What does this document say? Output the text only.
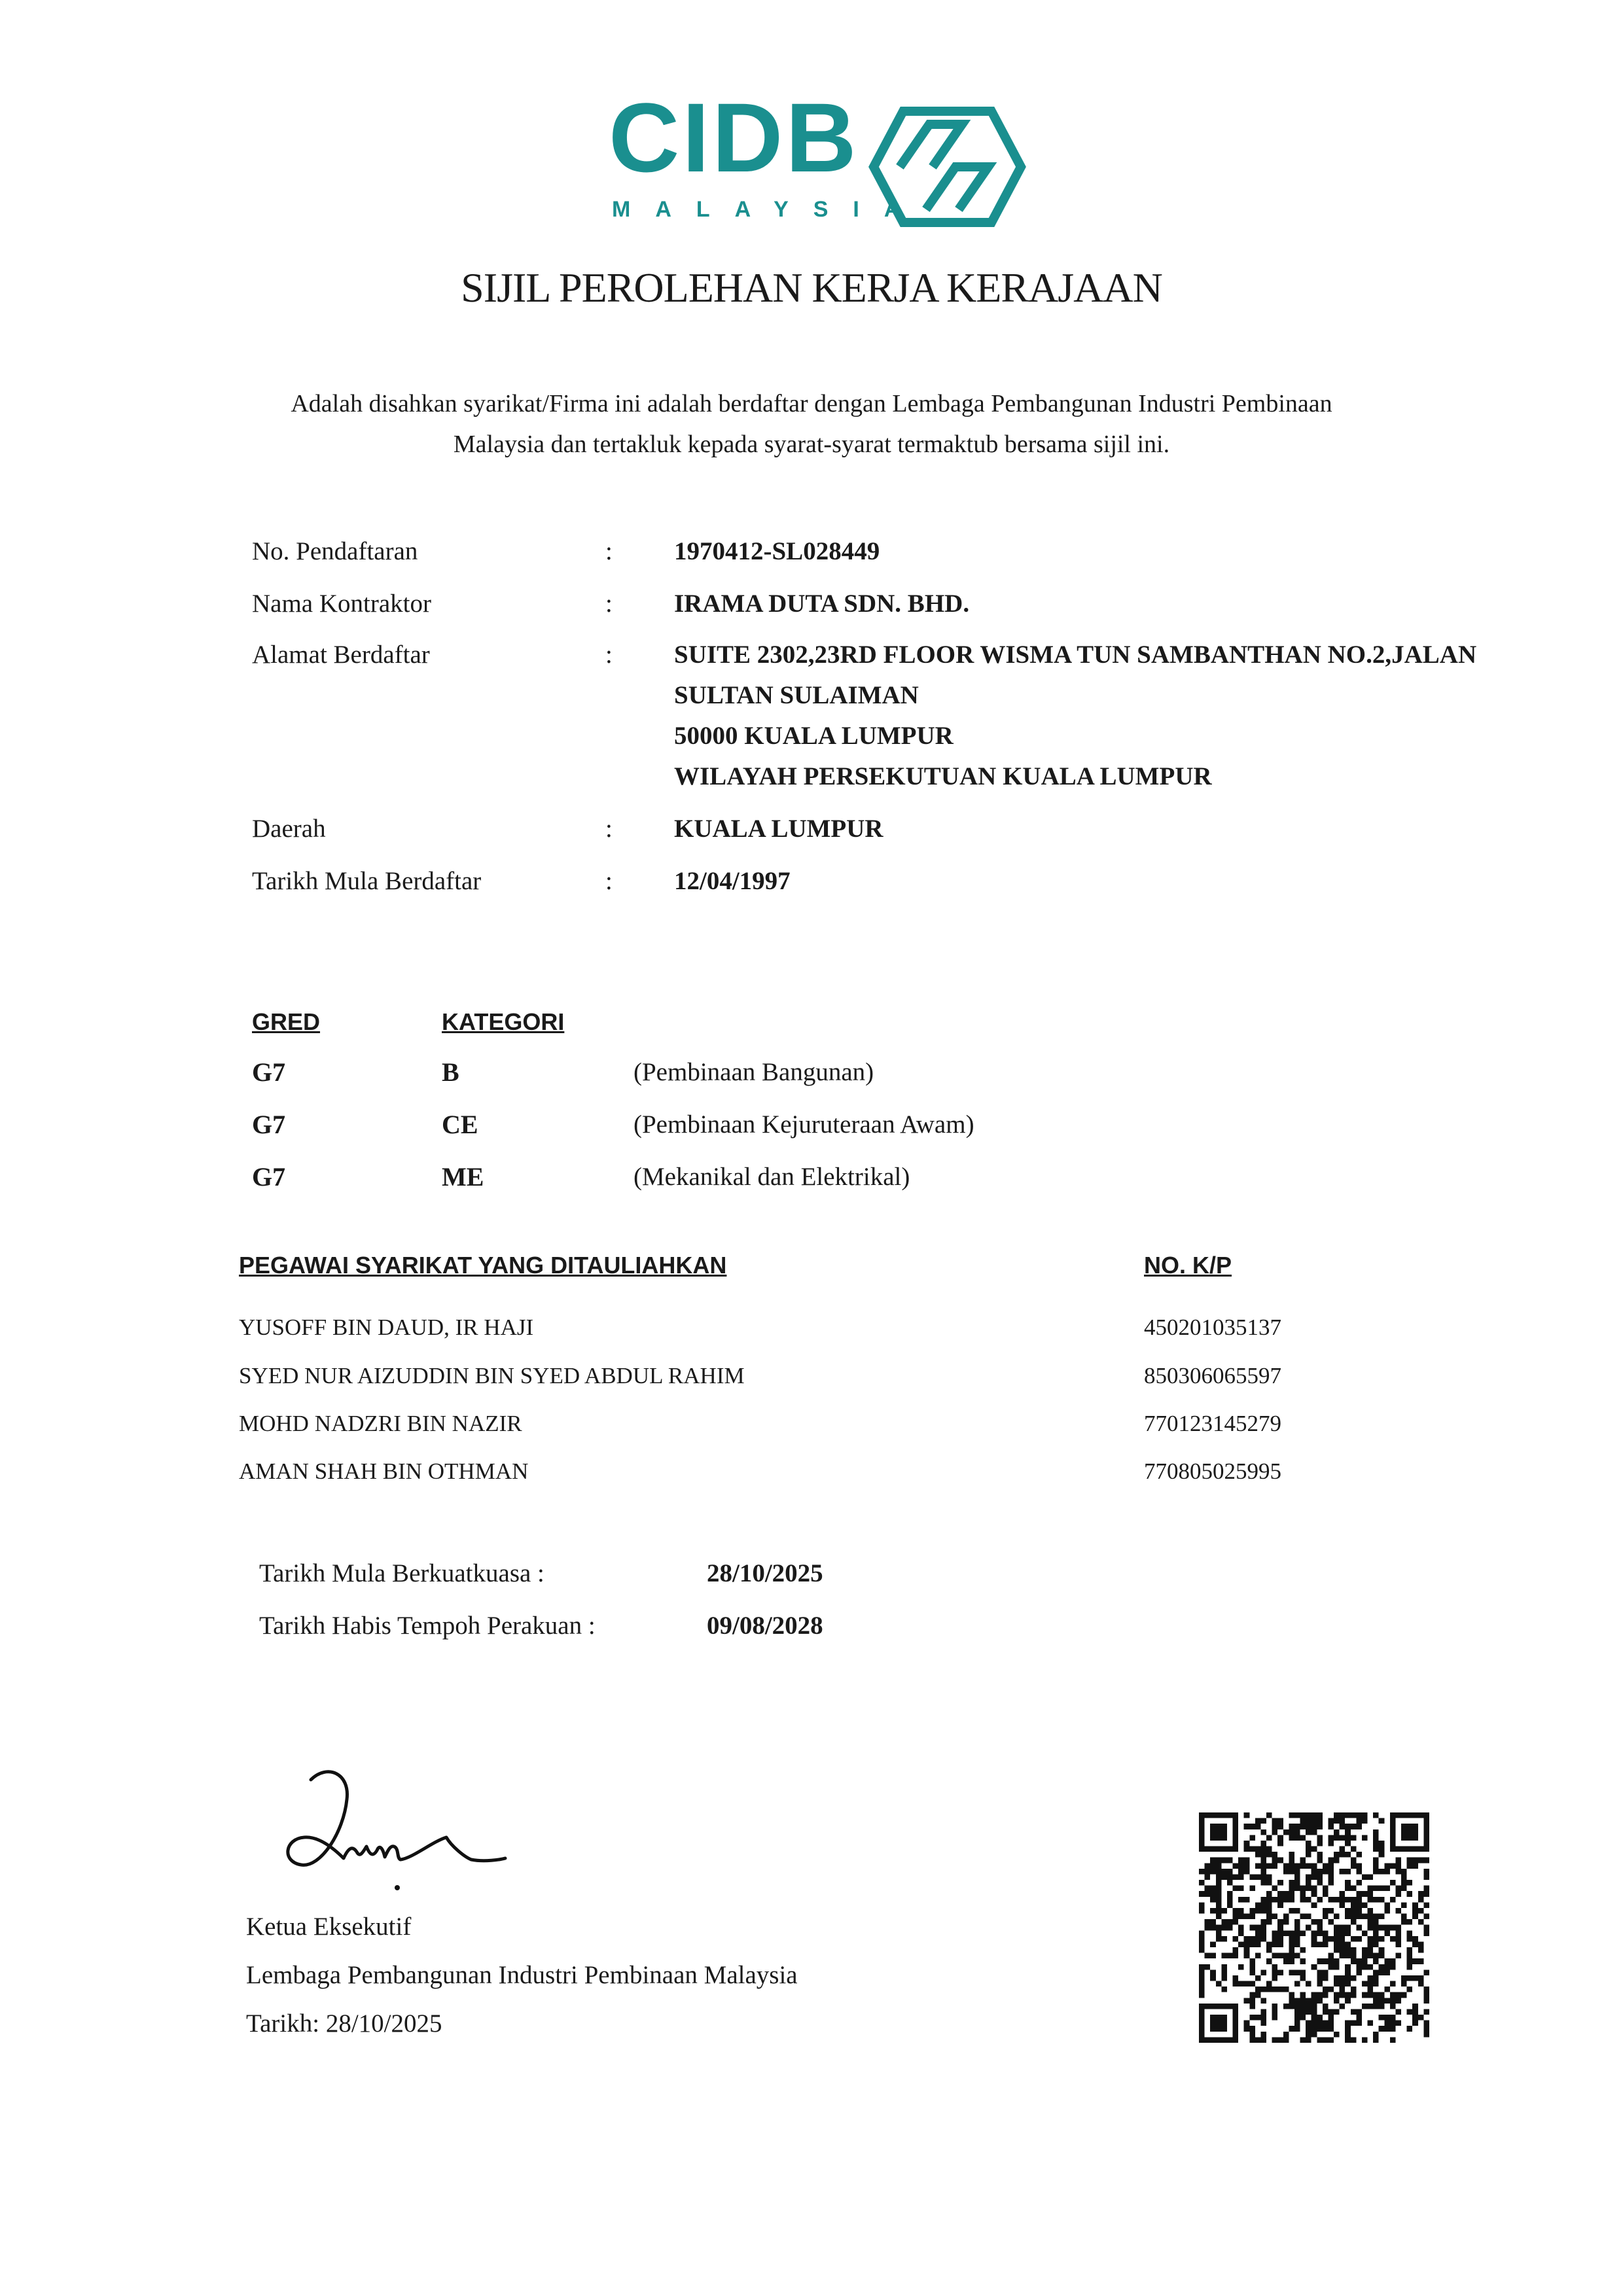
CIDB
MALAYSIA
SIJIL PEROLEHAN KERJA KERAJAAN
Adalah disahkan syarikat/Firma ini adalah berdaftar dengan Lembaga Pembangunan Industri Pembinaan
Malaysia dan tertakluk kepada syarat-syarat termaktub bersama sijil ini.
No. Pendaftaran	: 1970412-SL028449
Nama Kontraktor	: IRAMA DUTA SDN. BHD.
Alamat Berdaftar	: SUITE 2302,23RD FLOOR WISMA TUN SAMBANTHAN NO.2,JALAN
SULTAN SULAIMAN
50000 KUALA LUMPUR
WILAYAH PERSEKUTUAN KUALA LUMPUR
Daerah	: KUALA LUMPUR
Tarikh Mula Berdaftar	: 12/04/1997
GRED	KATEGORI
G7	B	(Pembinaan Bangunan)
G7	CE	(Pembinaan Kejuruteraan Awam)
G7	ME	(Mekanikal dan Elektrikal)
PEGAWAI SYARIKAT YANG DITAULIAHKAN	NO. K/P
YUSOFF BIN DAUD, IR HAJI	450201035137
SYED NUR AIZUDDIN BIN SYED ABDUL RAHIM	850306065597
MOHD NADZRI BIN NAZIR	770123145279
AMAN SHAH BIN OTHMAN	770805025995
Tarikh Mula Berkuatkuasa :	28/10/2025
Tarikh Habis Tempoh Perakuan :	09/08/2028
Ketua Eksekutif
Lembaga Pembangunan Industri Pembinaan Malaysia
Tarikh: 28/10/2025
